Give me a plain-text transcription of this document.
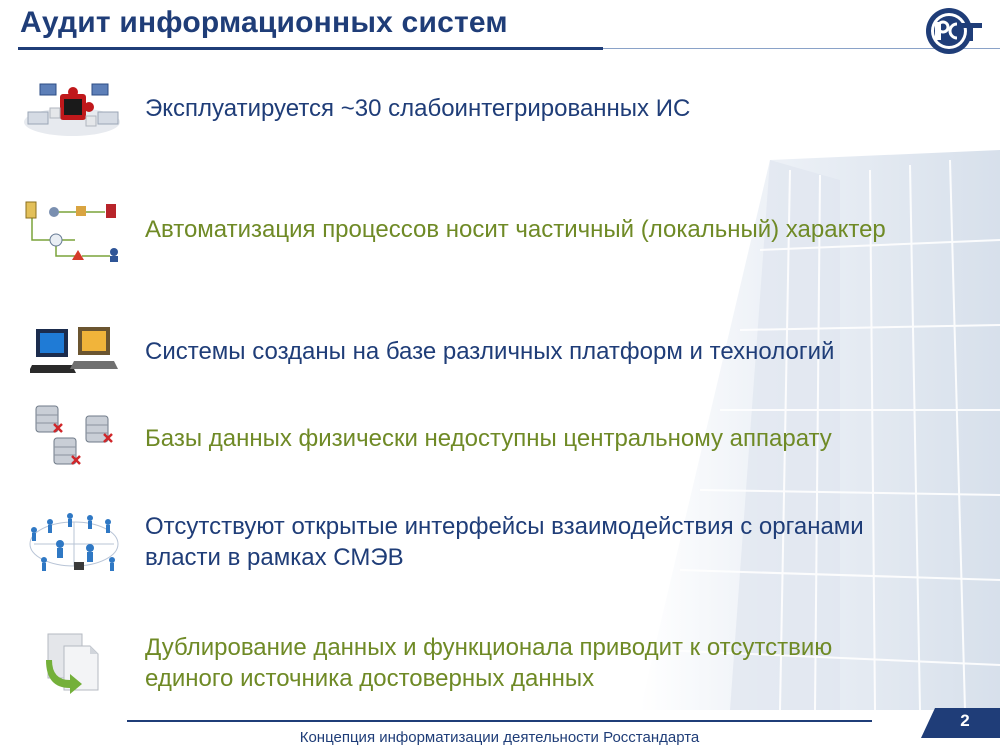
Аудит информационных систем
Эксплуатируется ~30 слабоинтегрированных ИС
Автоматизация процессов носит частичный (локальный) характер
Системы созданы на базе различных платформ и технологий
Базы данных физически недоступны центральному аппарату
Отсутствуют открытые интерфейсы взаимодействия с органами власти в рамках СМЭВ
Дублирование данных и функционала приводит к отсутствию единого источника достоверных данных
Концепция информатизации деятельности Росстандарта
2
